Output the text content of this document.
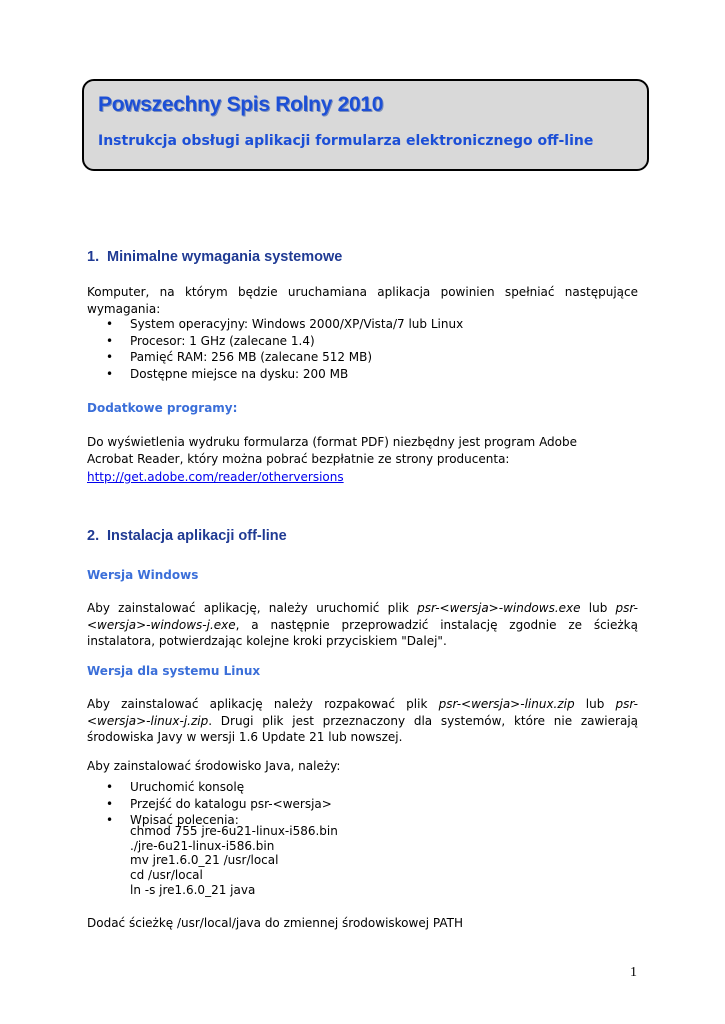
Powszechny Spis Rolny 2010
Instrukcja obsługi aplikacji formularza elektronicznego off-line
1. Minimalne wymagania systemowe
Komputer, na którym będzie uruchamiana aplikacja powinien spełniać następujące wymagania:
• System operacyjny: Windows 2000/XP/Vista/7 lub Linux
• Procesor: 1 GHz (zalecane 1.4)
• Pamięć RAM: 256 MB (zalecane 512 MB)
• Dostępne miejsce na dysku: 200 MB
Dodatkowe programy:
Do wyświetlenia wydruku formularza (format PDF) niezbędny jest program Adobe
Acrobat Reader, który można pobrać bezpłatnie ze strony producenta:
http://get.adobe.com/reader/otherversions
2. Instalacja aplikacji off-line
Wersja Windows
Aby zainstalować aplikację, należy uruchomić plik psr-<wersja>-windows.exe lub psr-<wersja>-windows-j.exe, a następnie przeprowadzić instalację zgodnie ze ścieżką instalatora, potwierdzając kolejne kroki przyciskiem "Dalej".
Wersja dla systemu Linux
Aby zainstalować aplikację należy rozpakować plik psr-<wersja>-linux.zip lub psr-<wersja>-linux-j.zip. Drugi plik jest przeznaczony dla systemów, które nie zawierają środowiska Javy w wersji 1.6 Update 21 lub nowszej.
Aby zainstalować środowisko Java, należy:
• Uruchomić konsolę
• Przejść do katalogu psr-<wersja>
• Wpisać polecenia:
chmod 755 jre-6u21-linux-i586.bin
./jre-6u21-linux-i586.bin
mv jre1.6.0_21 /usr/local
cd /usr/local
ln -s jre1.6.0_21 java
Dodać ścieżkę /usr/local/java do zmiennej środowiskowej PATH
1
